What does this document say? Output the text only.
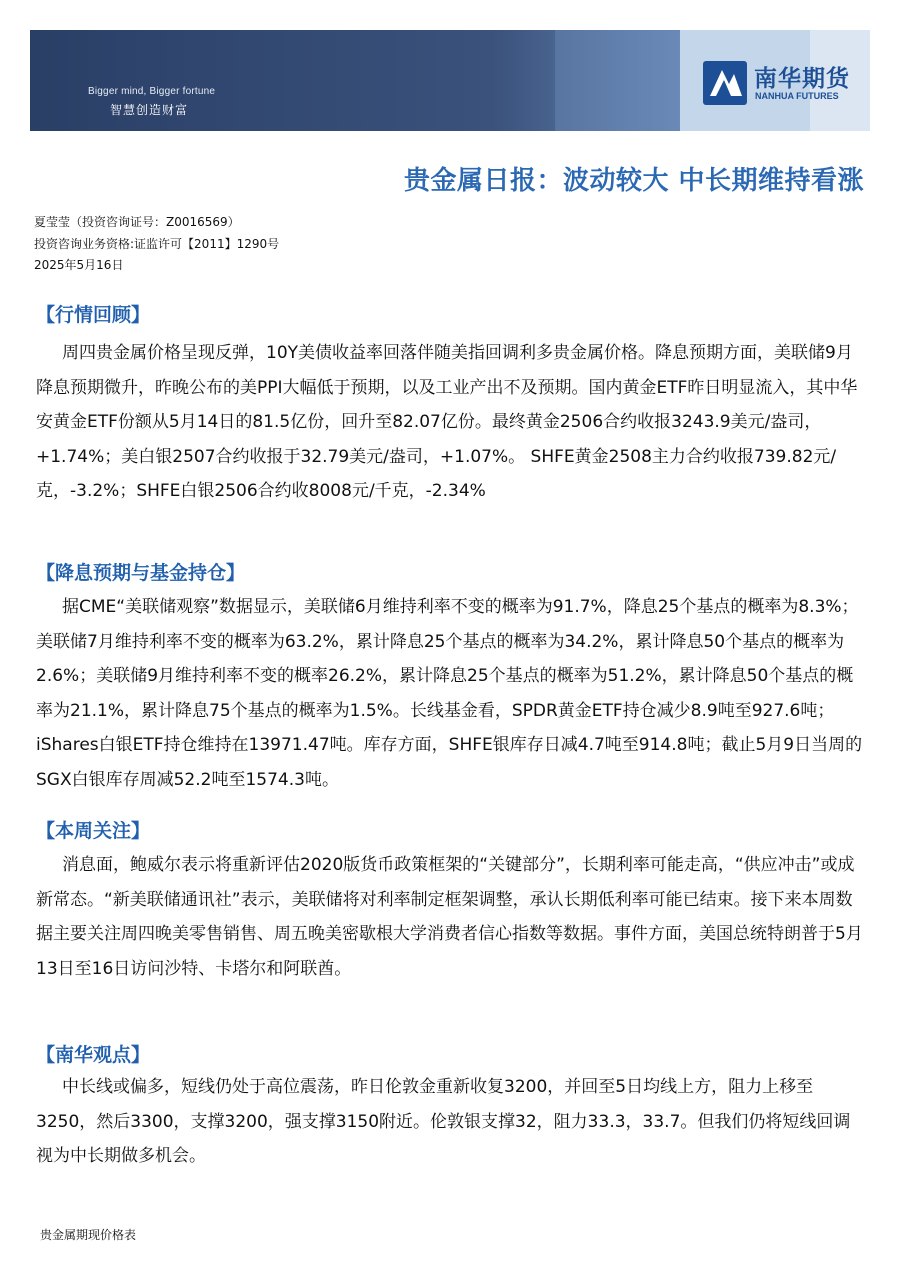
Bigger mind, Bigger fortune
智慧创造财富
南华期货
NANHUA FUTURES
贵金属日报：波动较大 中长期维持看涨
夏莹莹（投资咨询证号：Z0016569）
投资咨询业务资格:证监许可【2011】1290号
2025年5月16日
【行情回顾】

周四贵金属价格呈现反弹，10Y美债收益率回落伴随美指回调利多贵金属价格。降息预期方面，美联储9月降息预期微升，昨晚公布的美PPI大幅低于预期，以及工业产出不及预期。国内黄金ETF昨日明显流入，其中华安黄金ETF份额从5月14日的81.5亿份，回升至82.07亿份。最终黄金2506合约收报3243.9美元/盎司，+1.74%；美白银2507合约收报于32.79美元/盎司，+1.07%。 SHFE黄金2508主力合约收报739.82元/克，-3.2%；SHFE白银2506合约收8008元/千克，-2.34%

【降息预期与基金持仓】

据CME“美联储观察”数据显示，美联储6月维持利率不变的概率为91.7%，降息25个基点的概率为8.3%；美联储7月维持利率不变的概率为63.2%，累计降息25个基点的概率为34.2%，累计降息50个基点的概率为2.6%；美联储9月维持利率不变的概率26.2%，累计降息25个基点的概率为51.2%，累计降息50个基点的概率为21.1%，累计降息75个基点的概率为1.5%。长线基金看，SPDR黄金ETF持仓减少8.9吨至927.6吨；iShares白银ETF持仓维持在13971.47吨。库存方面，SHFE银库存日减4.7吨至914.8吨；截止5月9日当周的SGX白银库存周减52.2吨至1574.3吨。

【本周关注】

消息面，鲍威尔表示将重新评估2020版货币政策框架的“关键部分”，长期利率可能走高，“供应冲击”或成新常态。“新美联储通讯社”表示，美联储将对利率制定框架调整，承认长期低利率可能已结束。接下来本周数据主要关注周四晚美零售销售、周五晚美密歇根大学消费者信心指数等数据。事件方面，美国总统特朗普于5月13日至16日访问沙特、卡塔尔和阿联酋。

【南华观点】

中长线或偏多，短线仍处于高位震荡，昨日伦敦金重新收复3200，并回至5日均线上方，阻力上移至3250，然后3300，支撑3200，强支撑3150附近。伦敦银支撑32，阻力33.3，33.7。但我们仍将短线回调视为中长期做多机会。

贵金属期现价格表
